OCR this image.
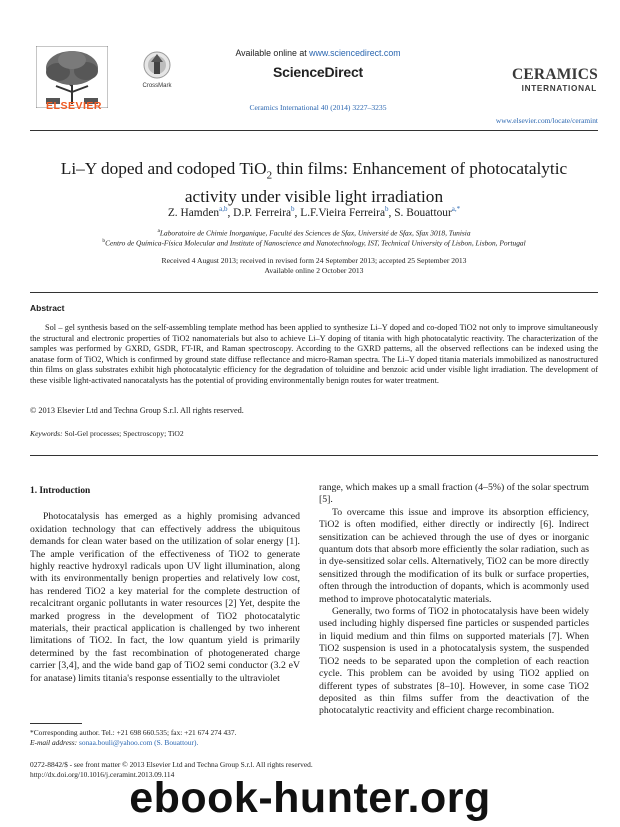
ELSEVIER
CrossMark
Available online at www.sciencedirect.com
ScienceDirect
Ceramics International 40 (2014) 3227–3235
CERAMICS
INTERNATIONAL
www.elsevier.com/locate/ceramint
Li–Y doped and codoped TiO$_2$ thin films: Enhancement of photocatalytic
activity under visible light irradiation
Z. Hamden$^{a,b}$, D.P. Ferreira$^b$, L.F.Vieira Ferreira$^b$, S. Bouattour$^{a,*}$
$^a$Laboratoire de Chimie Inorganique, Faculté des Sciences de Sfax, Université de Sfax, Sfax 3018, Tunisia
$^b$Centro de Química-Física Molecular and Institute of Nanoscience and Nanotechnology, IST, Technical University of Lisbon, Lisbon, Portugal
Received 4 August 2013; received in revised form 24 September 2013; accepted 25 September 2013
Available online 2 October 2013
Abstract
Sol – gel synthesis based on the self-assembling template method has been applied to synthesize Li–Y doped and co-doped TiO2 not only to improve simultaneously the structural and electronic properties of TiO2 nanomaterials but also to achieve Li–Y doping of titania with high photocatalytic reactivity. The characterization of the samples was performed by GXRD, GSDR, FT-IR, and Raman spectroscopy. According to the GXRD patterns, all the observed reflections can be indexed using the anatase form of TiO2, Which is confirmed by ground state diffuse reflectance and micro-Raman spectra. The Li–Y doped titania materials immobilized as nanostructured thin films on glass substrates exhibit high photocatalytic efficiency for the degradation of toluidine and benzoic acid under visible light irradiation. The development of these visible light-activated nanocatalysts has the potential of providing environmentally benign routes for water treatment.
© 2013 Elsevier Ltd and Techna Group S.r.l. All rights reserved.
Keywords: Sol-Gel processes; Spectroscopy; TiO2
1. Introduction

Photocatalysis has emerged as a highly promising advanced oxidation technology that can effectively address the ubiquitous demands for clean water based on the utilization of solar energy [1]. The ample verification of the effectiveness of TiO2 to generate highly reactive hydroxyl radicals upon UV light illumination, along with its environmentally benign properties and relatively low cost, has rendered TiO2 a key material for the complete destruction of recalcitrant organic pollutants in water resources [2] Yet, despite the marked progress in the development of TiO2 photocatalytic materials, their practical application is challenged by two inherent limitations of TiO2. In fact, the low quantum yield is primarily determined by the fast recombination of photogenerated charge carrier [3,4], and the wide band gap of TiO2 semi conductor (3.2 eV for anatase) limits titania's response essentially to the ultraviolet

range, which makes up a small fraction (4–5%) of the solar spectrum [5].

To overcame this issue and improve its absorption efficiency, TiO2 is often modified, either directly or indirectly [6]. Indirect sensitization can be achieved through the use of dyes or inorganic quantum dots that absorb more efficiently the solar radiation, such as in dye-sensitized solar cells. Alternatively, TiO2 can be more directly sensitized through the modification of its bulk or surface properties, often through the introduction of dopants, which is acommonly used method to improve photocatalytic materials.

Generally, two forms of TiO2 in photocatalysis have been widely used including highly dispersed fine particles or suspended particles in liquid medium and thin films on supported materials [7]. When TiO2 suspension is used in a photocatalysis system, the suspended TiO2 needs to be separated upon the completion of each reaction cycle. This problem can be avoided by using TiO2 applied on different types of substrates [8–10]. However, in some case TiO2 deposited as thin films suffer from the deactivation of the photocatalytic reactivity and efficient charge recombination.

*Corresponding author. Tel.: +21 698 660.535; fax: +21 674 274 437.
E-mail address: sonaa.bouli@yahoo.com (S. Bouattour).
0272-8842/$ - see front matter © 2013 Elsevier Ltd and Techna Group S.r.l. All rights reserved.
http://dx.doi.org/10.1016/j.ceramint.2013.09.114
ebook-hunter.org
